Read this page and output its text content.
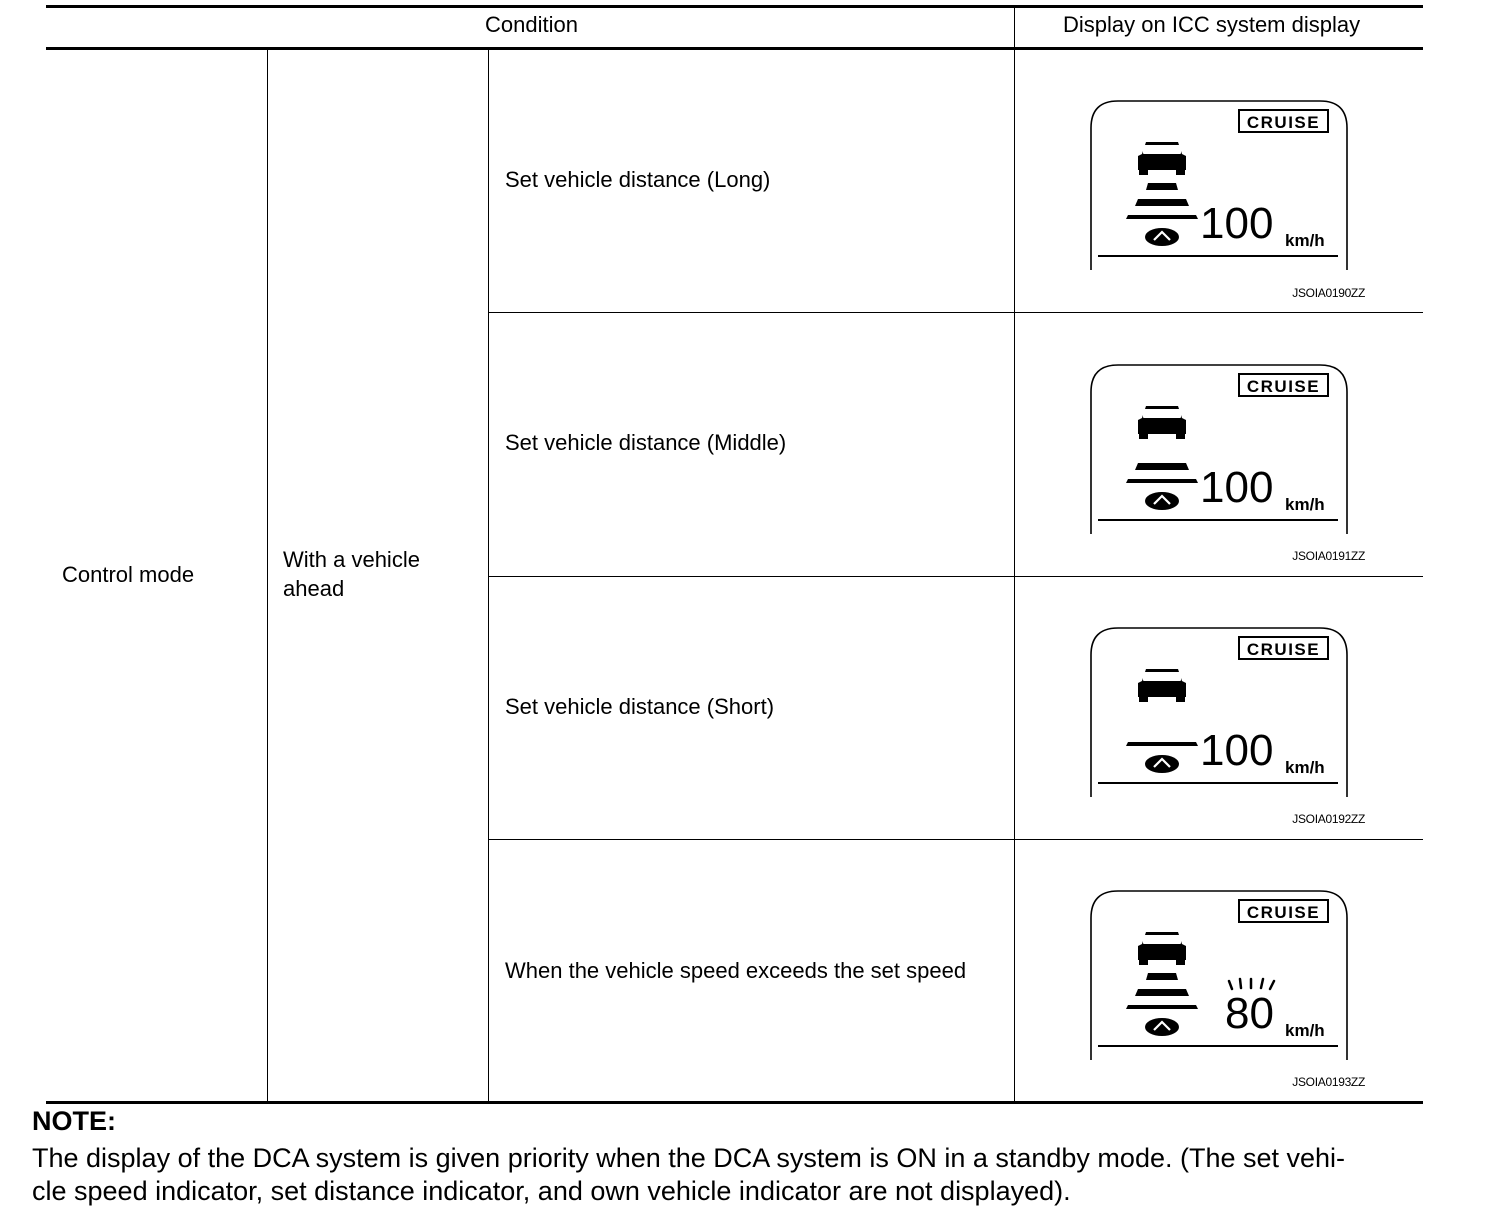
Condition	Display on ICC system display
Control mode
With a vehicle
ahead
Set vehicle distance (Long)
CRUISE
100 km/h
JSOIA0190ZZ
Set vehicle distance (Middle)
CRUISE
100 km/h
JSOIA0191ZZ
Set vehicle distance (Short)
CRUISE
100 km/h
JSOIA0192ZZ
When the vehicle speed exceeds the set speed
CRUISE
80 km/h
JSOIA0193ZZ
NOTE:
The display of the DCA system is given priority when the DCA system is ON in a standby mode. (The set vehi-
cle speed indicator, set distance indicator, and own vehicle indicator are not displayed).
